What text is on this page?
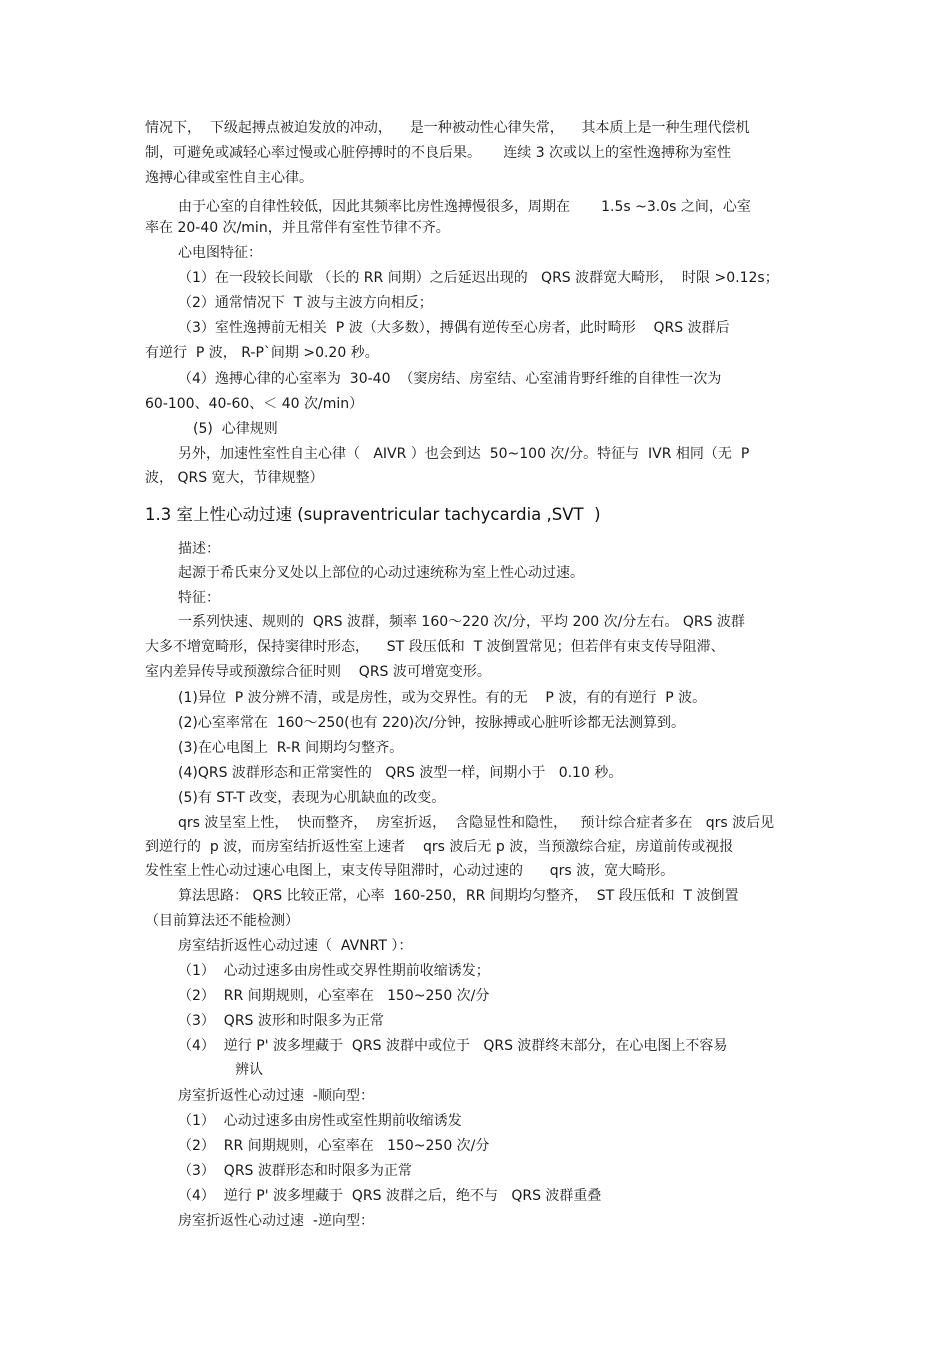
情况下，  下级起搏点被迫发放的冲动，    是一种被动性心律失常，    其本质上是一种生理代偿机
制，可避免或减轻心率过慢或心脏停搏时的不良后果。     连续 3 次或以上的室性逸搏称为室性
逸搏心律或室性自主心律。
由于心室的自律性较低，因此其频率比房性逸搏慢很多，周期在       1.5s ~3.0s 之间，心室
率在 20-40 次/min，并且常伴有室性节律不齐。
心电图特征：
（1）在一段较长间歇 （长的 RR 间期）之后延迟出现的   QRS 波群宽大畸形，  时限 >0.12s；
（2）通常情况下  T 波与主波方向相反；
（3）室性逸搏前无相关  P 波（大多数），搏偶有逆传至心房者，此时畸形    QRS 波群后
有逆行  P 波， R-P`间期 >0.20 秒。
（4）逸搏心律的心室率为  30-40  （窦房结、房室结、心室浦肯野纤维的自律性一次为
60-100、40-60、＜ 40 次/min）
(5)  心律规则
另外，加速性室性自主心律（   AIVR ）也会到达  50~100 次/分。特征与  IVR 相同（无  P
波， QRS 宽大，节律规整）
1.3 室上性心动过速 (supraventricular tachycardia ,SVT  )
描述：
起源于希氏束分叉处以上部位的心动过速统称为室上性心动过速。
特征：
一系列快速、规则的  QRS 波群，频率 160～220 次/分，平均 200 次/分左右。 QRS 波群
大多不增宽畸形，保持窦律时形态，    ST 段压低和  T 波倒置常见；但若伴有束支传导阻滞、
室内差异传导或预激综合征时则    QRS 波可增宽变形。
(1)异位  P 波分辨不清，或是房性，或为交界性。有的无    P 波，有的有逆行  P 波。
(2)心室率常在  160～250(也有 220)次/分钟，按脉搏或心脏听诊都无法测算到。
(3)在心电图上  R-R 间期均匀整齐。
(4)QRS 波群形态和正常窦性的   QRS 波型一样，间期小于   0.10 秒。
(5)有 ST-T 改变，表现为心肌缺血的改变。
qrs 波呈室上性，  快而整齐，  房室折返，  含隐显性和隐性，   预计综合症者多在   qrs 波后见
到逆行的  p 波，而房室结折返性室上速者    qrs 波后无 p 波，当预激综合症，房道前传或视报
发性室上性心动过速心电图上，束支传导阻滞时，心动过速的      qrs 波，宽大畸形。
算法思路： QRS 比较正常，心率  160-250，RR 间期均匀整齐，  ST 段压低和  T 波倒置
（目前算法还不能检测）
房室结折返性心动过速（  AVNRT ）：
（1）  心动过速多由房性或交界性期前收缩诱发；
（2）  RR 间期规则，心室率在   150~250 次/分
（3）  QRS 波形和时限多为正常
（4）  逆行 P' 波多埋藏于  QRS 波群中或位于   QRS 波群终末部分，在心电图上不容易
辨认
房室折返性心动过速  -顺向型：
（1）  心动过速多由房性或室性期前收缩诱发
（2）  RR 间期规则，心室率在   150~250 次/分
（3）  QRS 波群形态和时限多为正常
（4）  逆行 P' 波多埋藏于  QRS 波群之后，绝不与   QRS 波群重叠
房室折返性心动过速  -逆向型：
